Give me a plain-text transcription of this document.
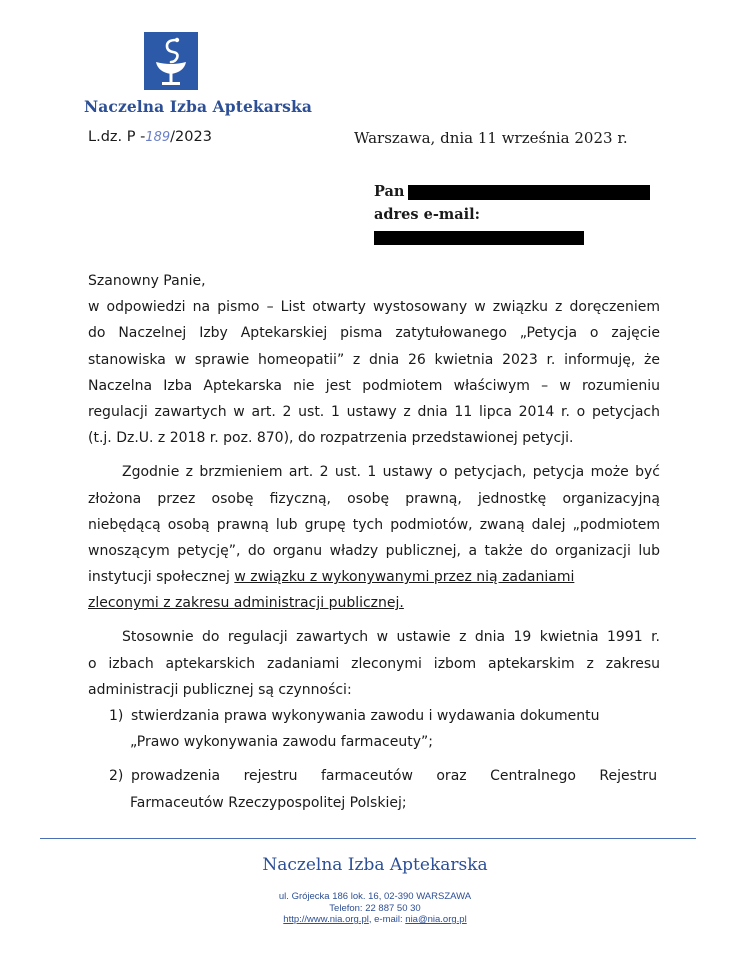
Naczelna Izba Aptekarska
L.dz. P -189/2023	Warszawa, dnia 11 września 2023 r.
Pan
adres e-mail:
Szanowny Panie,
w odpowiedzi na pismo – List otwarty wystosowany w związku z doręczeniem
do Naczelnej Izby Aptekarskiej pisma zatytułowanego „Petycja o zajęcie
stanowiska w sprawie homeopatii” z dnia 26 kwietnia 2023 r. informuję, że
Naczelna Izba Aptekarska nie jest podmiotem właściwym – w rozumieniu
regulacji zawartych w art. 2 ust. 1 ustawy z dnia 11 lipca 2014 r. o petycjach
(t.j. Dz.U. z 2018 r. poz. 870), do rozpatrzenia przedstawionej petycji.
Zgodnie z brzmieniem art. 2 ust. 1 ustawy o petycjach, petycja może być
złożona przez osobę fizyczną, osobę prawną, jednostkę organizacyjną
niebędącą osobą prawną lub grupę tych podmiotów, zwaną dalej „podmiotem
wnoszącym petycję”, do organu władzy publicznej, a także do organizacji lub
instytucji społecznej w związku z wykonywanymi przez nią zadaniami
zleconymi z zakresu administracji publicznej.
Stosownie do regulacji zawartych w ustawie z dnia 19 kwietnia 1991 r.
o izbach aptekarskich zadaniami zleconymi izbom aptekarskim z zakresu
administracji publicznej są czynności:
1) stwierdzania prawa wykonywania zawodu i wydawania dokumentu
„Prawo wykonywania zawodu farmaceuty”;
2) prowadzenia rejestru farmaceutów oraz Centralnego Rejestru
Farmaceutów Rzeczypospolitej Polskiej;
Naczelna Izba Aptekarska
ul. Grójecka 186 lok. 16, 02-390 WARSZAWA
Telefon: 22 887 50 30
http://www.nia.org.pl, e-mail: nia@nia.org.pl
